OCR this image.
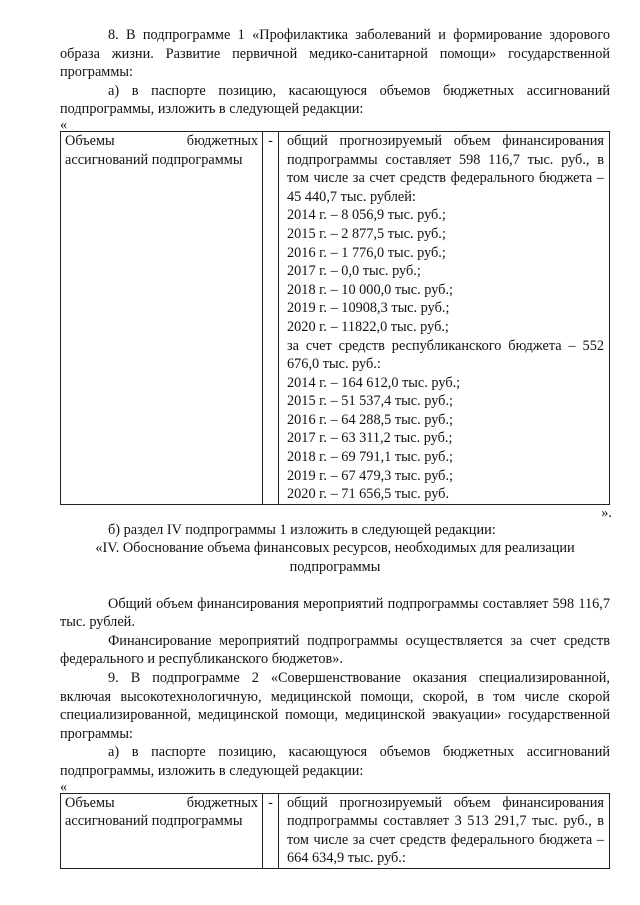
8. В подпрограмме 1 «Профилактика заболеваний и формирование здорового образа жизни. Развитие первичной медико-санитарной помощи» государственной программы:

а) в паспорте позицию, касающуюся объемов бюджетных ассигнований подпрограммы, изложить в следующей редакции:

«

Объемы бюджетных ассигнований подпрограммы	-	общий прогнозируемый объем финансирования подпрограммы составляет 598 116,7 тыс. руб., в том числе за счет средств федерального бюджета – 45 440,7 тыс. рублей:
2014 г. – 8 056,9 тыс. руб.;
2015 г. – 2 877,5 тыс. руб.;
2016 г. – 1 776,0 тыс. руб.;
2017 г. – 0,0 тыс. руб.;
2018 г. – 10 000,0 тыс. руб.;
2019 г. – 10908,3 тыс. руб.;
2020 г. – 11822,0 тыс. руб.;
за счет средств республиканского бюджета – 552 676,0 тыс. руб.:
2014 г. – 164 612,0 тыс. руб.;
2015 г. – 51 537,4 тыс. руб.;
2016 г. – 64 288,5 тыс. руб.;
2017 г. – 63 311,2 тыс. руб.;
2018 г. – 69 791,1 тыс. руб.;
2019 г. – 67 479,3 тыс. руб.;
2020 г. – 71 656,5 тыс. руб.

».

б) раздел IV подпрограммы 1 изложить в следующей редакции:

«IV. Обоснование объема финансовых ресурсов, необходимых для реализации подпрограммы

Общий объем финансирования мероприятий подпрограммы составляет 598 116,7 тыс. рублей.

Финансирование мероприятий подпрограммы осуществляется за счет средств федерального и республиканского бюджетов».

9. В подпрограмме 2 «Совершенствование оказания специализированной, включая высокотехнологичную, медицинской помощи, скорой, в том числе скорой специализированной, медицинской помощи, медицинской эвакуации» государственной программы:

а) в паспорте позицию, касающуюся объемов бюджетных ассигнований подпрограммы, изложить в следующей редакции:

«

Объемы бюджетных ассигнований подпрограммы	-	общий прогнозируемый объем финансирования подпрограммы составляет 3 513 291,7 тыс. руб., в том числе за счет средств федерального бюджета – 664 634,9 тыс. руб.:
